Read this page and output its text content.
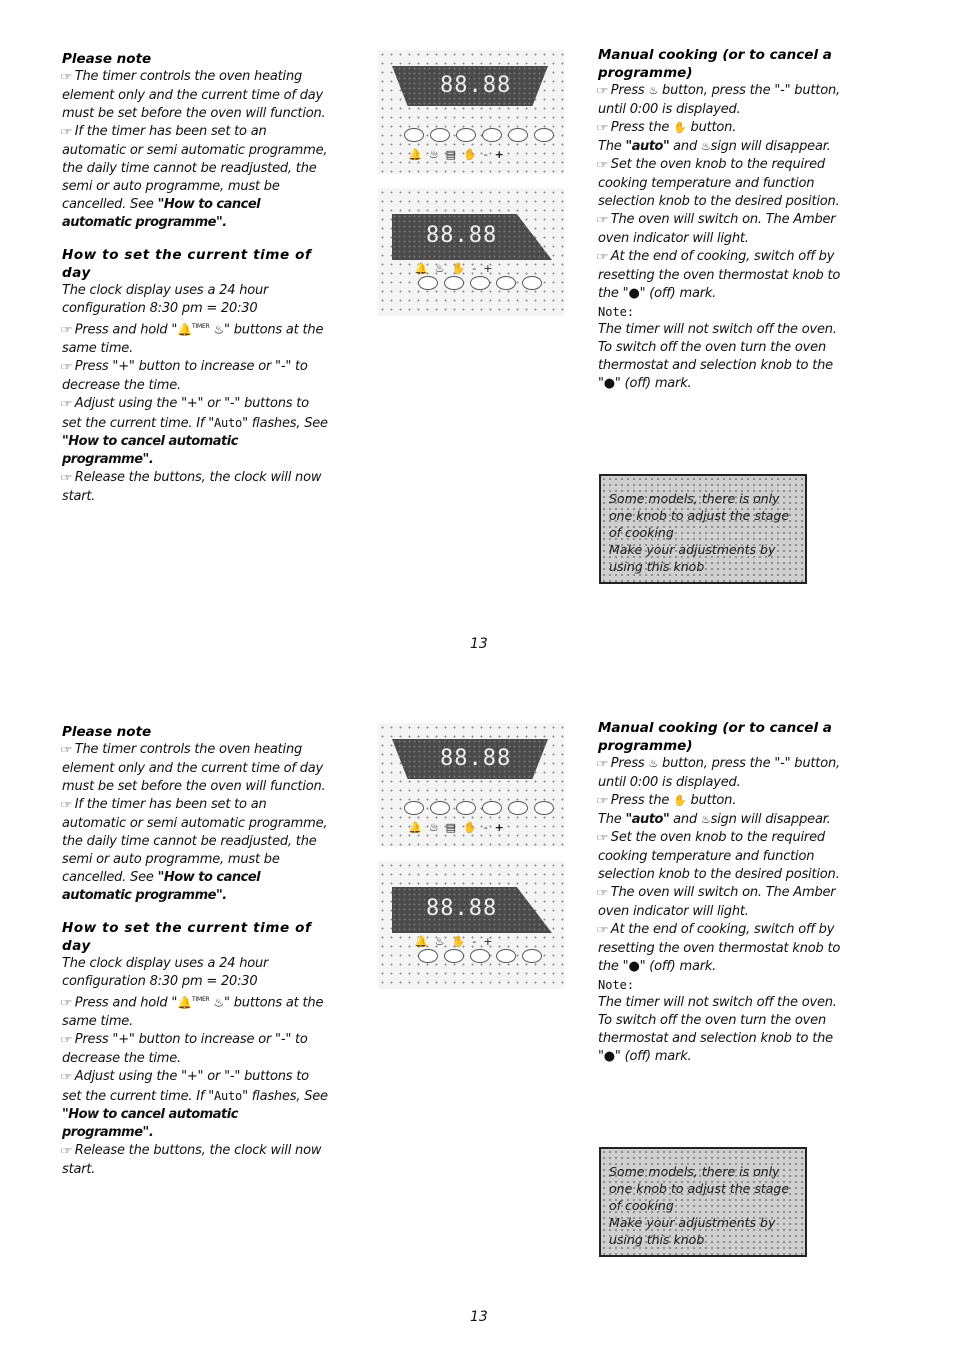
Please note

☞The timer controls the oven heating element only and the current time of day must be set before the oven will function.

☞If the timer has been set to an automatic or semi automatic programme, the daily time cannot be readjusted, the semi or auto programme, must be cancelled. See "How to cancel automatic programme".

How to set the current time of day

The clock display uses a 24 hour configuration 8:30 pm = 20:30

☞Press and hold "🔔$^{TIMER}$ ♨" buttons at the same time.

☞Press "+" button to increase or "-" to decrease the time.

☞Adjust using the "+" or "-" buttons to set the current time. If "Auto" flashes, See "How to cancel automatic programme".

☞Release the buttons, the clock will now start.

88.88
🔔 ♨ ▤ ✋ - +
88.88
🔔 ♨ ✋ - +

Manual cooking (or to cancel a programme)

☞Press ♨ button, press the "-" button, until 0:00 is displayed.

☞Press the ✋ button.

The "auto" and ♨sign will disappear.

☞Set the oven knob to the required cooking temperature and function selection knob to the desired position.

☞The oven will switch on. The Amber oven indicator will light.

☞At the end of cooking, switch off by resetting the oven thermostat knob to the "●" (off) mark.

Note:

The timer will not switch off the oven. To switch off the oven turn the oven thermostat and selection knob to the "●" (off) mark.

Some models, there is only
one knob to adjust the stage
of cooking
Make your adjustments by
using this knob
13

Please note

☞The timer controls the oven heating element only and the current time of day must be set before the oven will function.

☞If the timer has been set to an automatic or semi automatic programme, the daily time cannot be readjusted, the semi or auto programme, must be cancelled. See "How to cancel automatic programme".

How to set the current time of day

The clock display uses a 24 hour configuration 8:30 pm = 20:30

☞Press and hold "🔔$^{TIMER}$ ♨" buttons at the same time.

☞Press "+" button to increase or "-" to decrease the time.

☞Adjust using the "+" or "-" buttons to set the current time. If "Auto" flashes, See "How to cancel automatic programme".

☞Release the buttons, the clock will now start.

88.88
🔔 ♨ ▤ ✋ - +
88.88
🔔 ♨ ✋ - +

Manual cooking (or to cancel a programme)

☞Press ♨ button, press the "-" button, until 0:00 is displayed.

☞Press the ✋ button.

The "auto" and ♨sign will disappear.

☞Set the oven knob to the required cooking temperature and function selection knob to the desired position.

☞The oven will switch on. The Amber oven indicator will light.

☞At the end of cooking, switch off by resetting the oven thermostat knob to the "●" (off) mark.

Note:

The timer will not switch off the oven. To switch off the oven turn the oven thermostat and selection knob to the "●" (off) mark.

Some models, there is only
one knob to adjust the stage
of cooking
Make your adjustments by
using this knob
13
